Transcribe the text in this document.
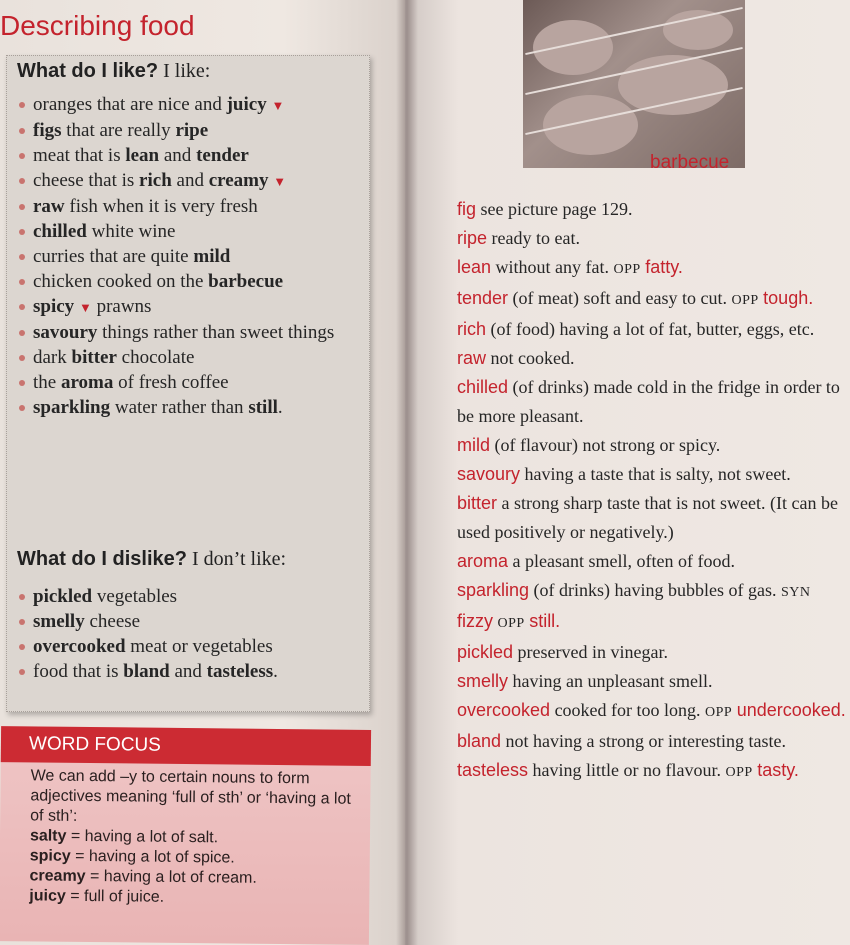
Describing food
What do I like? I like:
oranges that are nice and juicy ▼
figs that are really ripe
meat that is lean and tender
cheese that is rich and creamy ▼
raw fish when it is very fresh
chilled white wine
curries that are quite mild
chicken cooked on the barbecue
spicy ▼ prawns
savoury things rather than sweet things
dark bitter chocolate
the aroma of fresh coffee
sparkling water rather than still.
What do I dislike? I don’t like:
pickled vegetables
smelly cheese
overcooked meat or vegetables
food that is bland and tasteless.
WORD FOCUS
We can add –y to certain nouns to form adjectives meaning ‘full of sth’ or ‘having a lot of sth’:
salty = having a lot of salt.
spicy = having a lot of spice.
creamy = having a lot of cream.
juicy = full of juice.
barbecue
fig see picture page 129.
ripe ready to eat.
lean without any fat. OPP fatty.
tender (of meat) soft and easy to cut. OPP tough.
rich (of food) having a lot of fat, butter, eggs, etc.
raw not cooked.
chilled (of drinks) made cold in the fridge in order to be more pleasant.
mild (of flavour) not strong or spicy.
savoury having a taste that is salty, not sweet.
bitter a strong sharp taste that is not sweet. (It can be used positively or negatively.)
aroma a pleasant smell, often of food.
sparkling (of drinks) having bubbles of gas. SYN fizzy OPP still.
pickled preserved in vinegar.
smelly having an unpleasant smell.
overcooked cooked for too long. OPP undercooked.
bland not having a strong or interesting taste.
tasteless having little or no flavour. OPP tasty.
